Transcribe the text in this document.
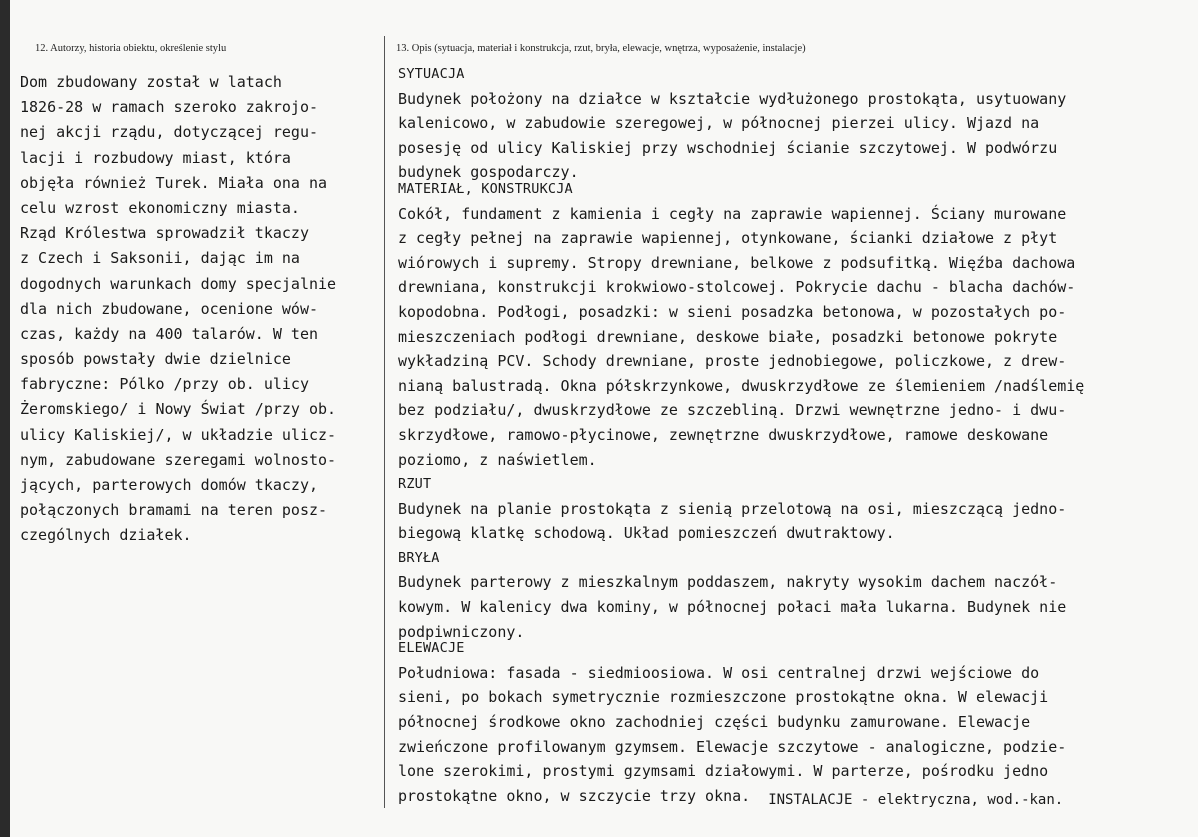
12. Autorzy, historia obiektu, określenie stylu	13. Opis (sytuacja, materiał i konstrukcja, rzut, bryła, elewacje, wnętrza, wyposażenie, instalacje)
Dom zbudowany został w latach
1826-28 w ramach szeroko zakrojo-
nej akcji rządu, dotyczącej regu-
lacji i rozbudowy miast, która
objęła również Turek. Miała ona na
celu wzrost ekonomiczny miasta.
Rząd Królestwa sprowadził tkaczy
z Czech i Saksonii, dając im na
dogodnych warunkach domy specjalnie
dla nich zbudowane, ocenione wów-
czas, każdy na 400 talarów. W ten
sposób powstały dwie dzielnice
fabryczne: Pólko /przy ob. ulicy
Żeromskiego/ i Nowy Świat /przy ob.
ulicy Kaliskiej/, w układzie ulicz-
nym, zabudowane szeregami wolnosto-
jących, parterowych domów tkaczy,
połączonych bramami na teren posz-
czególnych działek.
SYTUACJA
Budynek położony na działce w kształcie wydłużonego prostokąta, usytuowany
kalenicowo, w zabudowie szeregowej, w północnej pierzei ulicy. Wjazd na
posesję od ulicy Kaliskiej przy wschodniej ścianie szczytowej. W podwórzu
budynek gospodarczy.
MATERIAŁ, KONSTRUKCJA
Cokół, fundament z kamienia i cegły na zaprawie wapiennej. Ściany murowane
z cegły pełnej na zaprawie wapiennej, otynkowane, ścianki działowe z płyt
wiórowych i supremy. Stropy drewniane, belkowe z podsufitką. Więźba dachowa
drewniana, konstrukcji krokwiowo-stolcowej. Pokrycie dachu - blacha dachów-
kopodobna. Podłogi, posadzki: w sieni posadzka betonowa, w pozostałych po-
mieszczeniach podłogi drewniane, deskowe białe, posadzki betonowe pokryte
wykładziną PCV. Schody drewniane, proste jednobiegowe, policzkowe, z drew-
nianą balustradą. Okna półskrzynkowe, dwuskrzydłowe ze ślemieniem /nadślemię
bez podziału/, dwuskrzydłowe ze szczebliną. Drzwi wewnętrzne jedno- i dwu-
skrzydłowe, ramowo-płycinowe, zewnętrzne dwuskrzydłowe, ramowe deskowane
poziomo, z naświetlem.
RZUT
Budynek na planie prostokąta z sienią przelotową na osi, mieszczącą jedno-
biegową klatkę schodową. Układ pomieszczeń dwutraktowy.
BRYŁA
Budynek parterowy z mieszkalnym poddaszem, nakryty wysokim dachem naczół-
kowym. W kalenicy dwa kominy, w północnej połaci mała lukarna. Budynek nie
podpiwniczony.
ELEWACJE
Południowa: fasada - siedmioosiowa. W osi centralnej drzwi wejściowe do
sieni, po bokach symetrycznie rozmieszczone prostokątne okna. W elewacji
północnej środkowe okno zachodniej części budynku zamurowane. Elewacje
zwieńczone profilowanym gzymsem. Elewacje szczytowe - analogiczne, podzie-
lone szerokimi, prostymi gzymsami działowymi. W parterze, pośrodku jedno
prostokątne okno, w szczycie trzy okna. INSTALACJE - elektryczna, wod.-kan.
